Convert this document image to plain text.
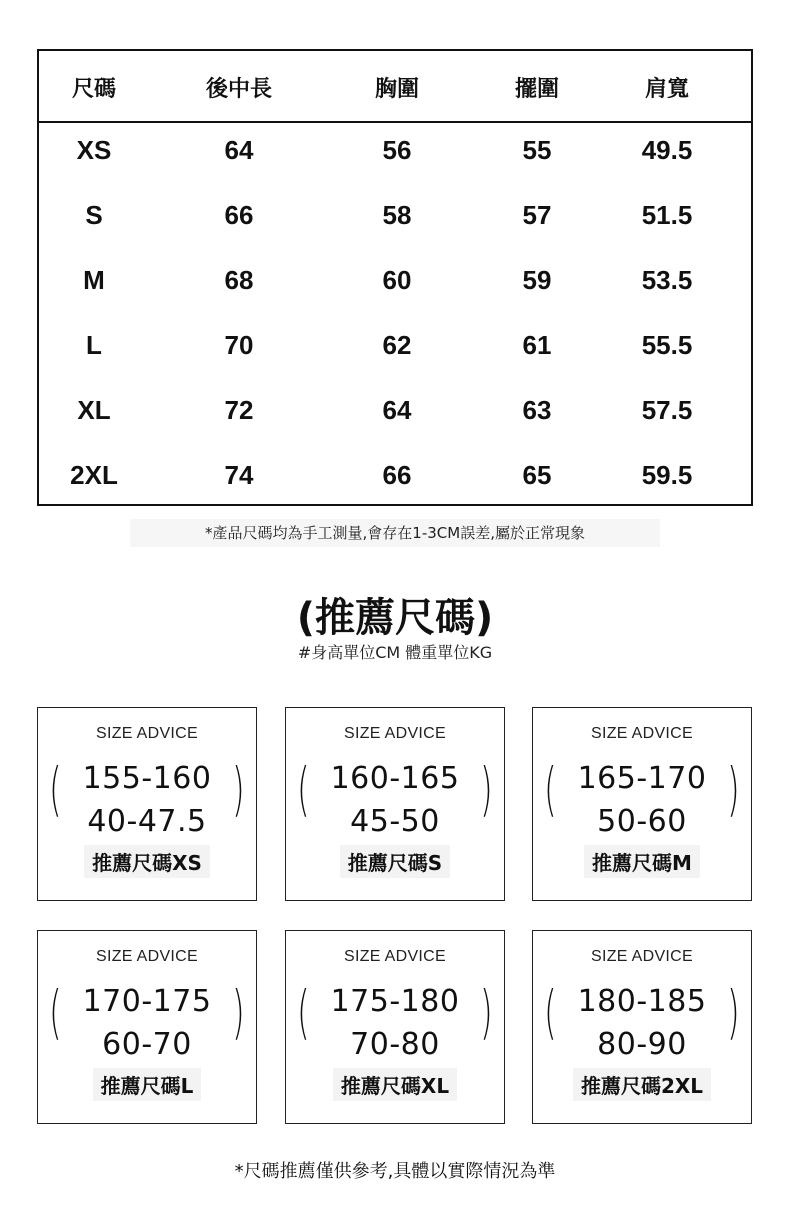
尺碼	後中長	胸圍	擺圍	肩寬
XS	64	56	55	49.5
S	66	58	57	51.5
M	68	60	59	53.5
L	70	62	61	55.5
XL	72	64	63	57.5
2XL	74	66	65	59.5
*產品尺碼均為手工測量,會存在1-3CM誤差,屬於正常現象
(推薦尺碼)
#身高單位CM 體重單位KG
SIZE ADVICE
(	)
155-160
40-47.5
推薦尺碼XS
SIZE ADVICE
(	)
160-165
45-50
推薦尺碼S
SIZE ADVICE
(	)
165-170
50-60
推薦尺碼M
SIZE ADVICE
(	)
170-175
60-70
推薦尺碼L
SIZE ADVICE
(	)
175-180
70-80
推薦尺碼XL
SIZE ADVICE
(	)
180-185
80-90
推薦尺碼2XL
*尺碼推薦僅供參考,具體以實際情況為準
